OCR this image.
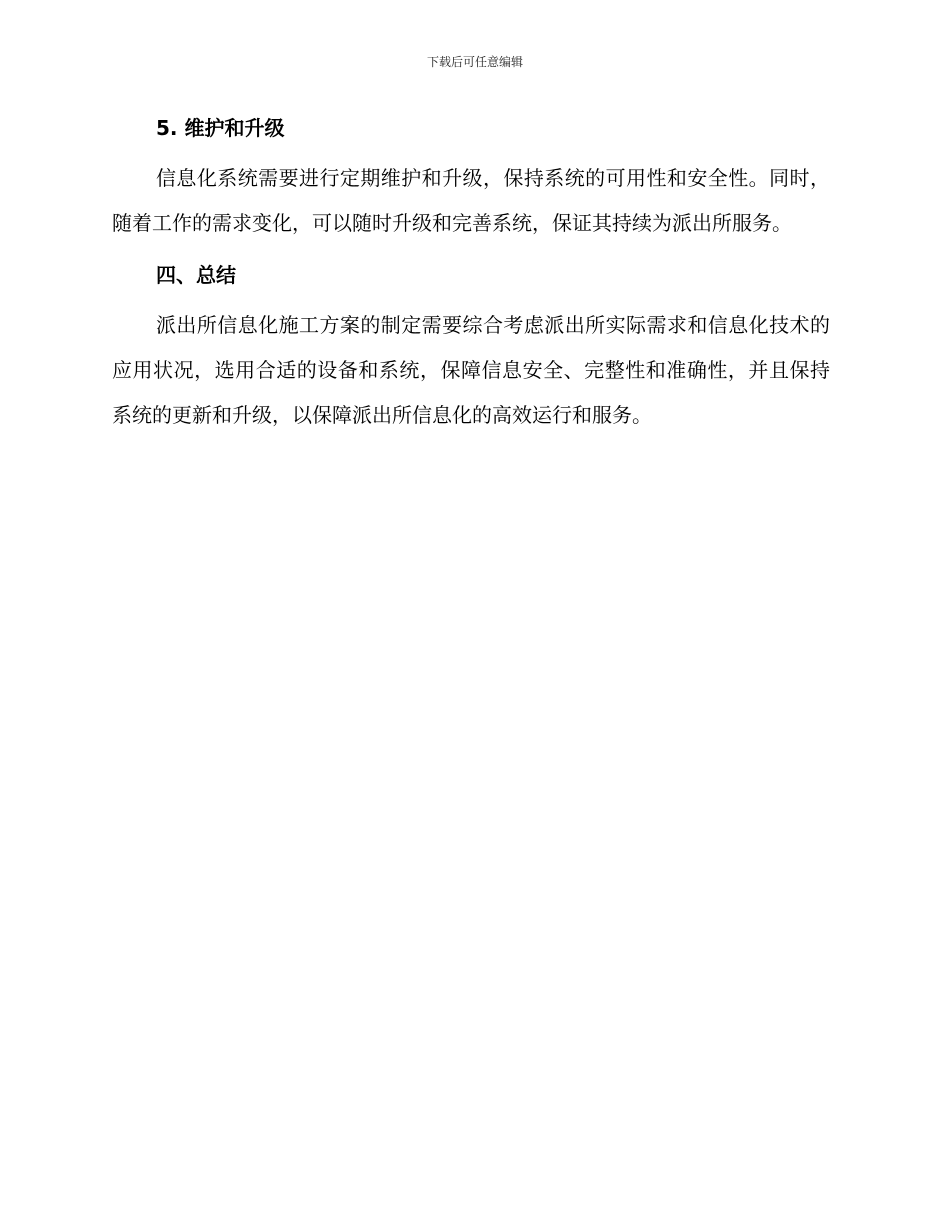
下载后可任意编辑
5. 维护和升级

信息化系统需要进行定期维护和升级，保持系统的可用性和安全性。同时，随着工作的需求变化，可以随时升级和完善系统，保证其持续为派出所服务。

四、总结

派出所信息化施工方案的制定需要综合考虑派出所实际需求和信息化技术的应用状况，选用合适的设备和系统，保障信息安全、完整性和准确性，并且保持系统的更新和升级，以保障派出所信息化的高效运行和服务。
